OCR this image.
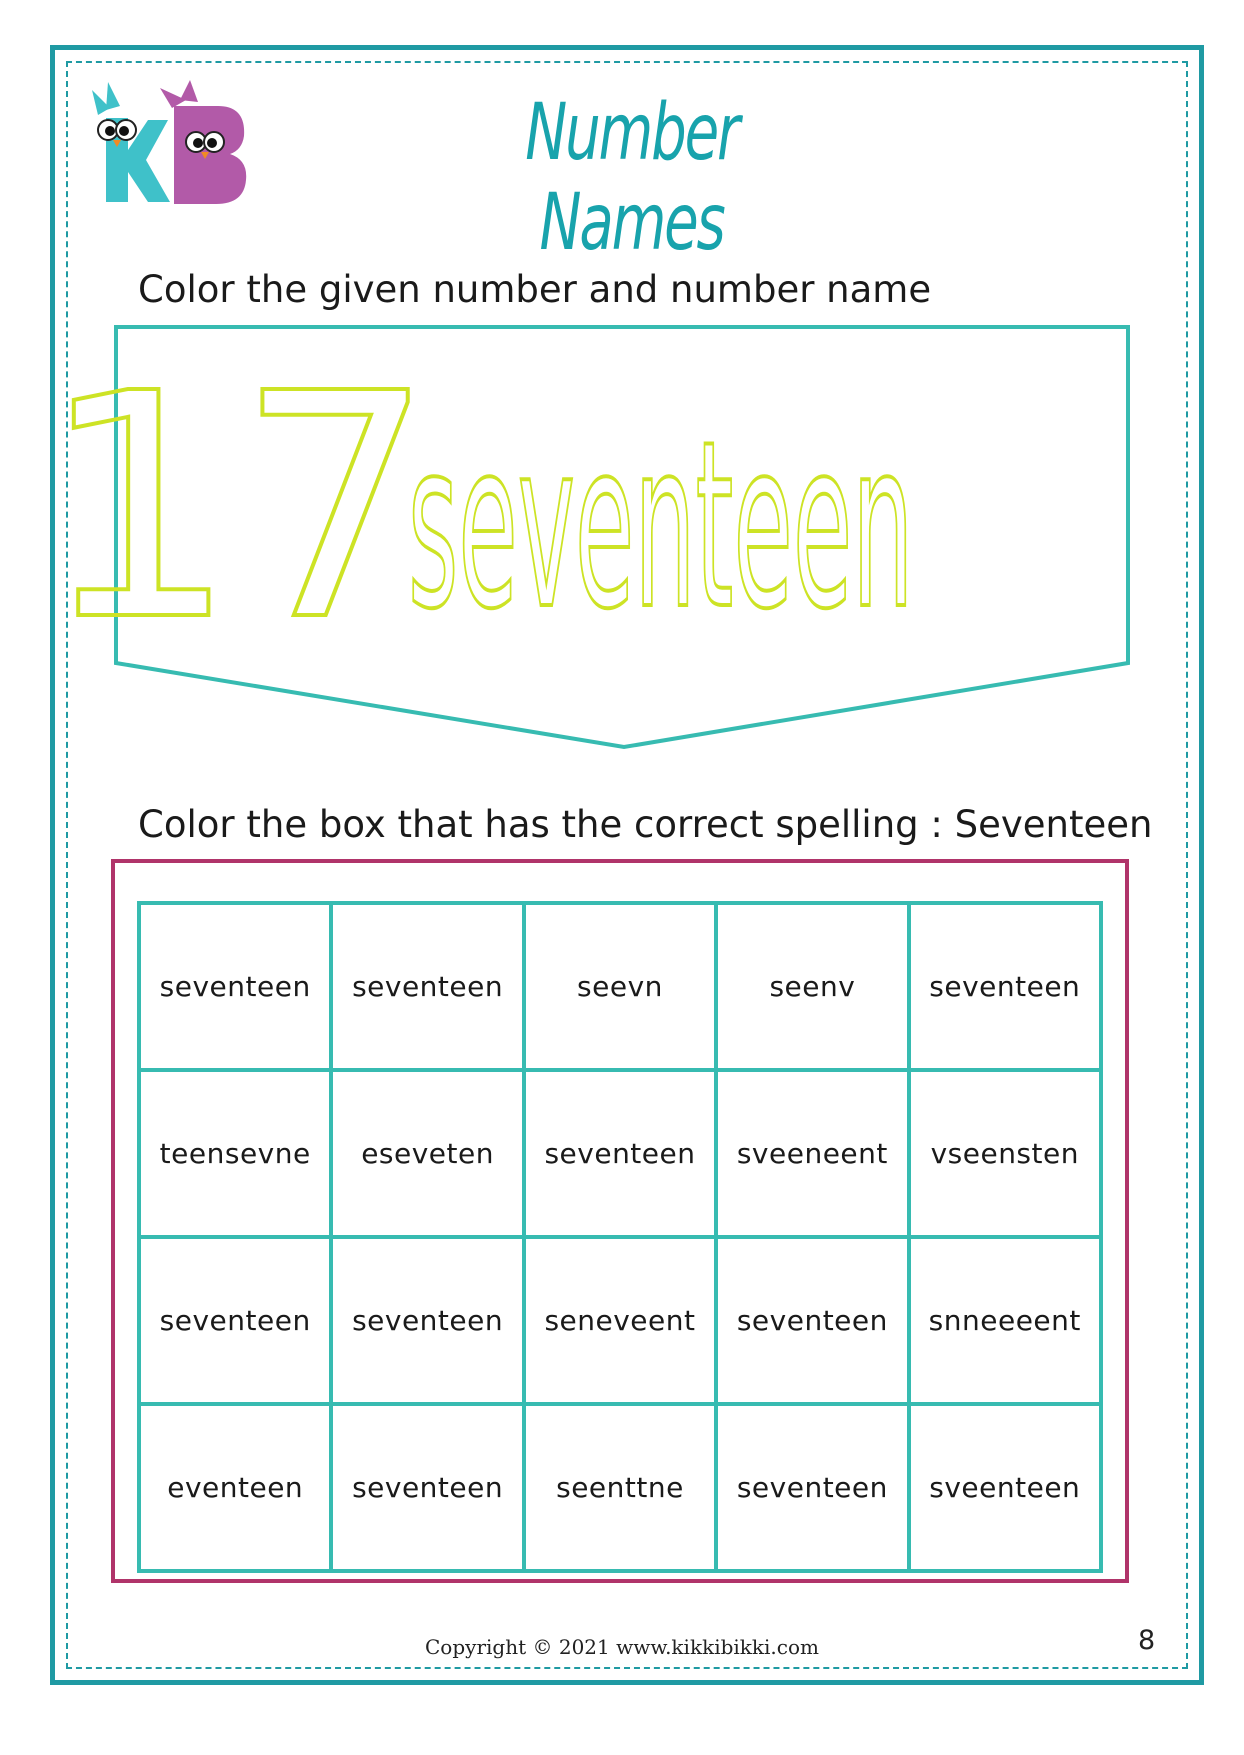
Number Names
Color the given number and number name
17
seventeen
Color the box that has the correct spelling : Seventeen
seventeen	seventeen	seevn	seenv	seventeen
teensevne	eseveten	seventeen	sveeneent	vseensten
seventeen	seventeen	seneveent	seventeen	snneeeent
eventeen	seventeen	seenttne	seventeen	sveenteen
Copyright © 2021 www.kikkibikki.com	8
